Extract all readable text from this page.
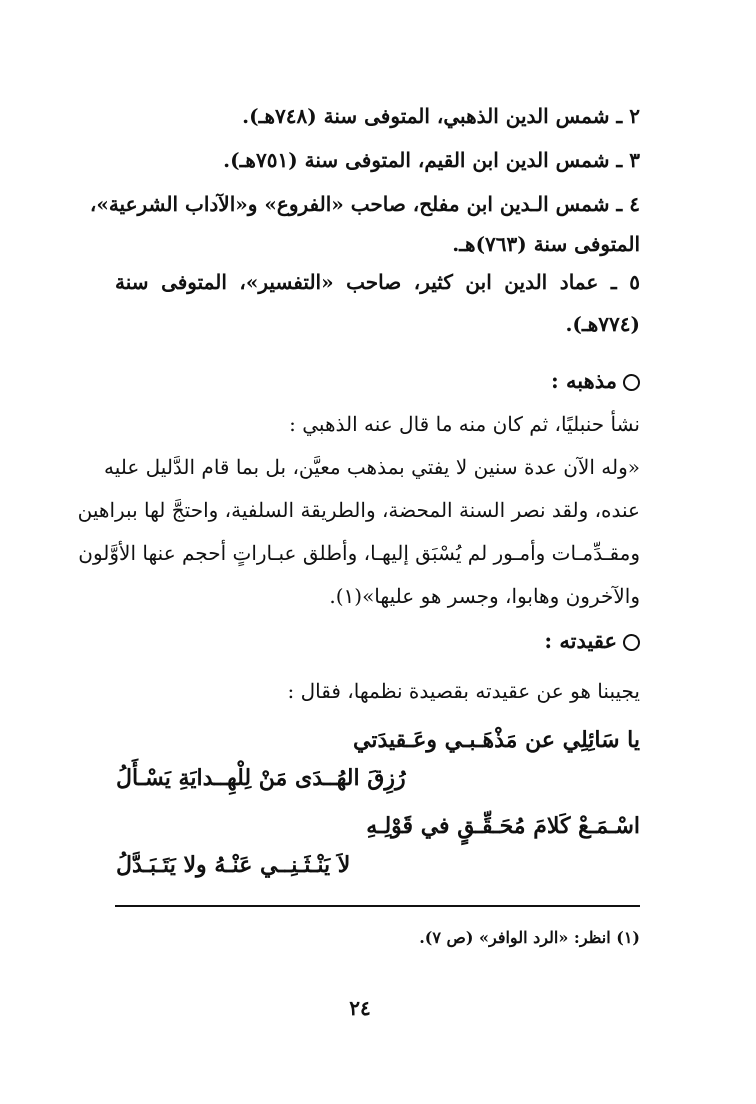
٢ ـ شمس الدين الذهبي، المتوفى سنة (٧٤٨هـ).
٣ ـ شمس الدين ابن القيم، المتوفى سنة (٧٥١هـ).
٤ ـ شمس الـدين ابن مفلح، صاحب «الفروع» و«الآداب الشرعية»،
المتوفى سنة (٧٦٣)هـ.
٥ ـ عماد الدين ابن كثير، صاحب «التفسير»، المتوفى سنة
(٧٧٤هـ).
مذهبه :
نشأ حنبليًا، ثم كان منه ما قال عنه الذهبي :
«وله الآن عدة سنين لا يفتي بمذهب معيَّن، بل بما قام الدَّليل عليه
عنده، ولقد نصر السنة المحضة، والطريقة السلفية، واحتجَّ لها ببراهين
ومقـدِّمـات وأمـور لم يُسْبَق إليهـا، وأطلق عبـاراتٍ أحجم عنها الأوَّلون
والآخرون وهابوا، وجسر هو عليها»(١).
عقيدته :
يجيبنا هو عن عقيدته بقصيدة نظمها، فقال :
يا سَائِلِي عن مَذْهَـبـي وعَـقيدَتي
رُزِقَ الهُــدَى مَنْ لِلْهِــدايَةِ يَسْـأَلُ
اسْـمَـعْ كَلامَ مُحَـقِّـقٍ في قَوْلِـهِ
لاَ يَنْـثَـنِــي عَنْـهُ ولا يَتَـبَـدَّلُ
(١) انظر: «الرد الوافر» (ص ٧).
٢٤
